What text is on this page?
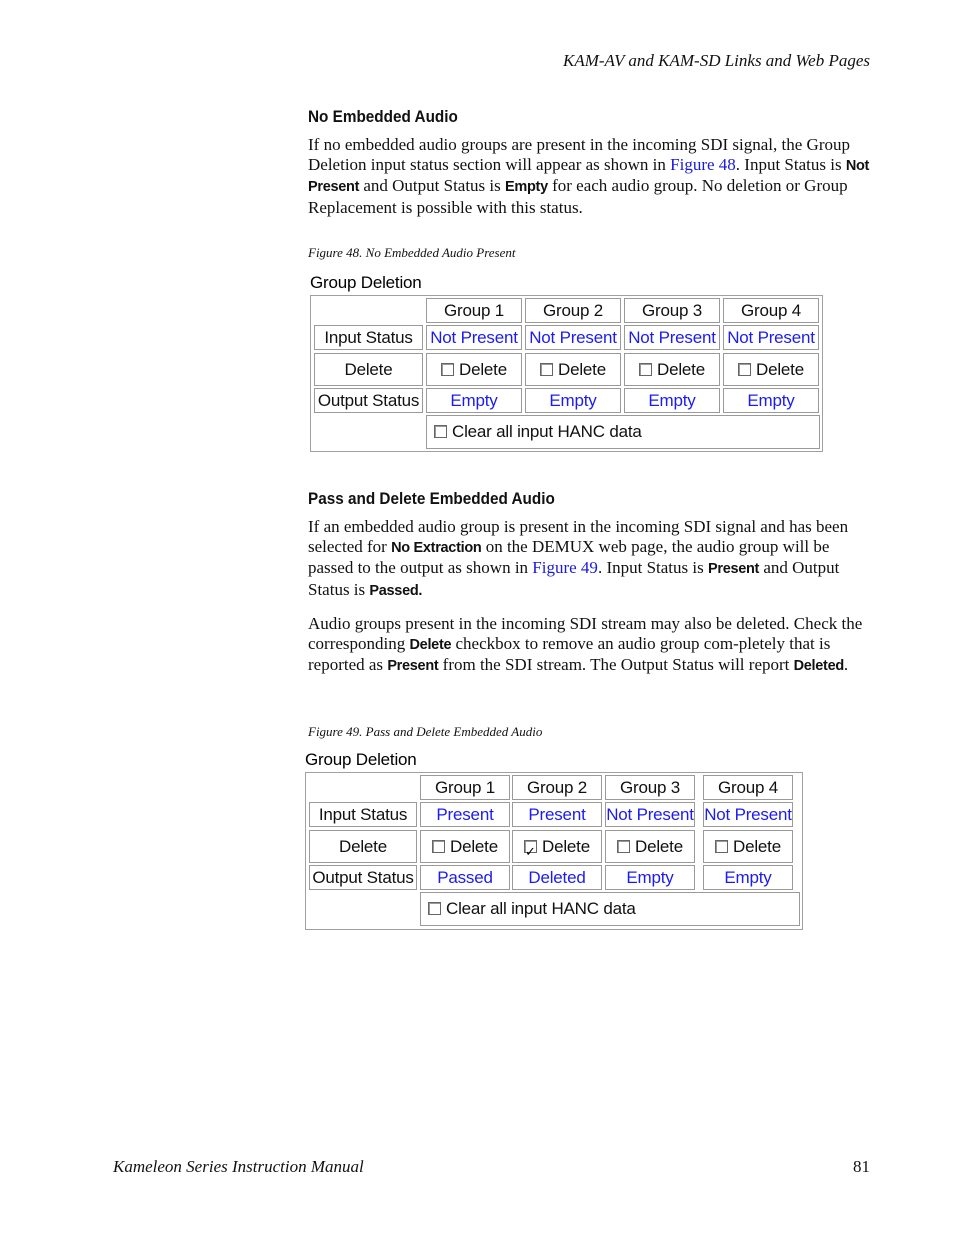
KAM-AV and KAM-SD Links and Web Pages
No Embedded Audio
If no embedded audio groups are present in the incoming SDI signal, the Group Deletion input status section will appear as shown in Figure 48. Input Status is Not Present and Output Status is Empty for each audio group. No deletion or Group Replacement is possible with this status.
Figure 48. No Embedded Audio Present
Group Deletion
Group 1	Group 2	Group 3	Group 4
Input Status	Not Present Not Present Not Present Not Present
Delete	Delete	Delete	Delete	Delete
Output Status	Empty	Empty	Empty	Empty
Clear all input HANC data
Pass and Delete Embedded Audio
If an embedded audio group is present in the incoming SDI signal and has been selected for No Extraction on the DEMUX web page, the audio group will be passed to the output as shown in Figure 49. Input Status is Present and Output Status is Passed.
Audio groups present in the incoming SDI stream may also be deleted. Check the corresponding Delete checkbox to remove an audio group com-pletely that is reported as Present from the SDI stream. The Output Status will report Deleted.
Figure 49. Pass and Delete Embedded Audio
Group Deletion
Group 1	Group 2	Group 3	Group 4
Input Status	Present	Present	Not Present Not Present
Delete	Delete
✓	Delete	Delete	Delete
Output Status	Passed	Deleted	Empty	Empty
Clear all input HANC data
Kameleon Series Instruction Manual	81
